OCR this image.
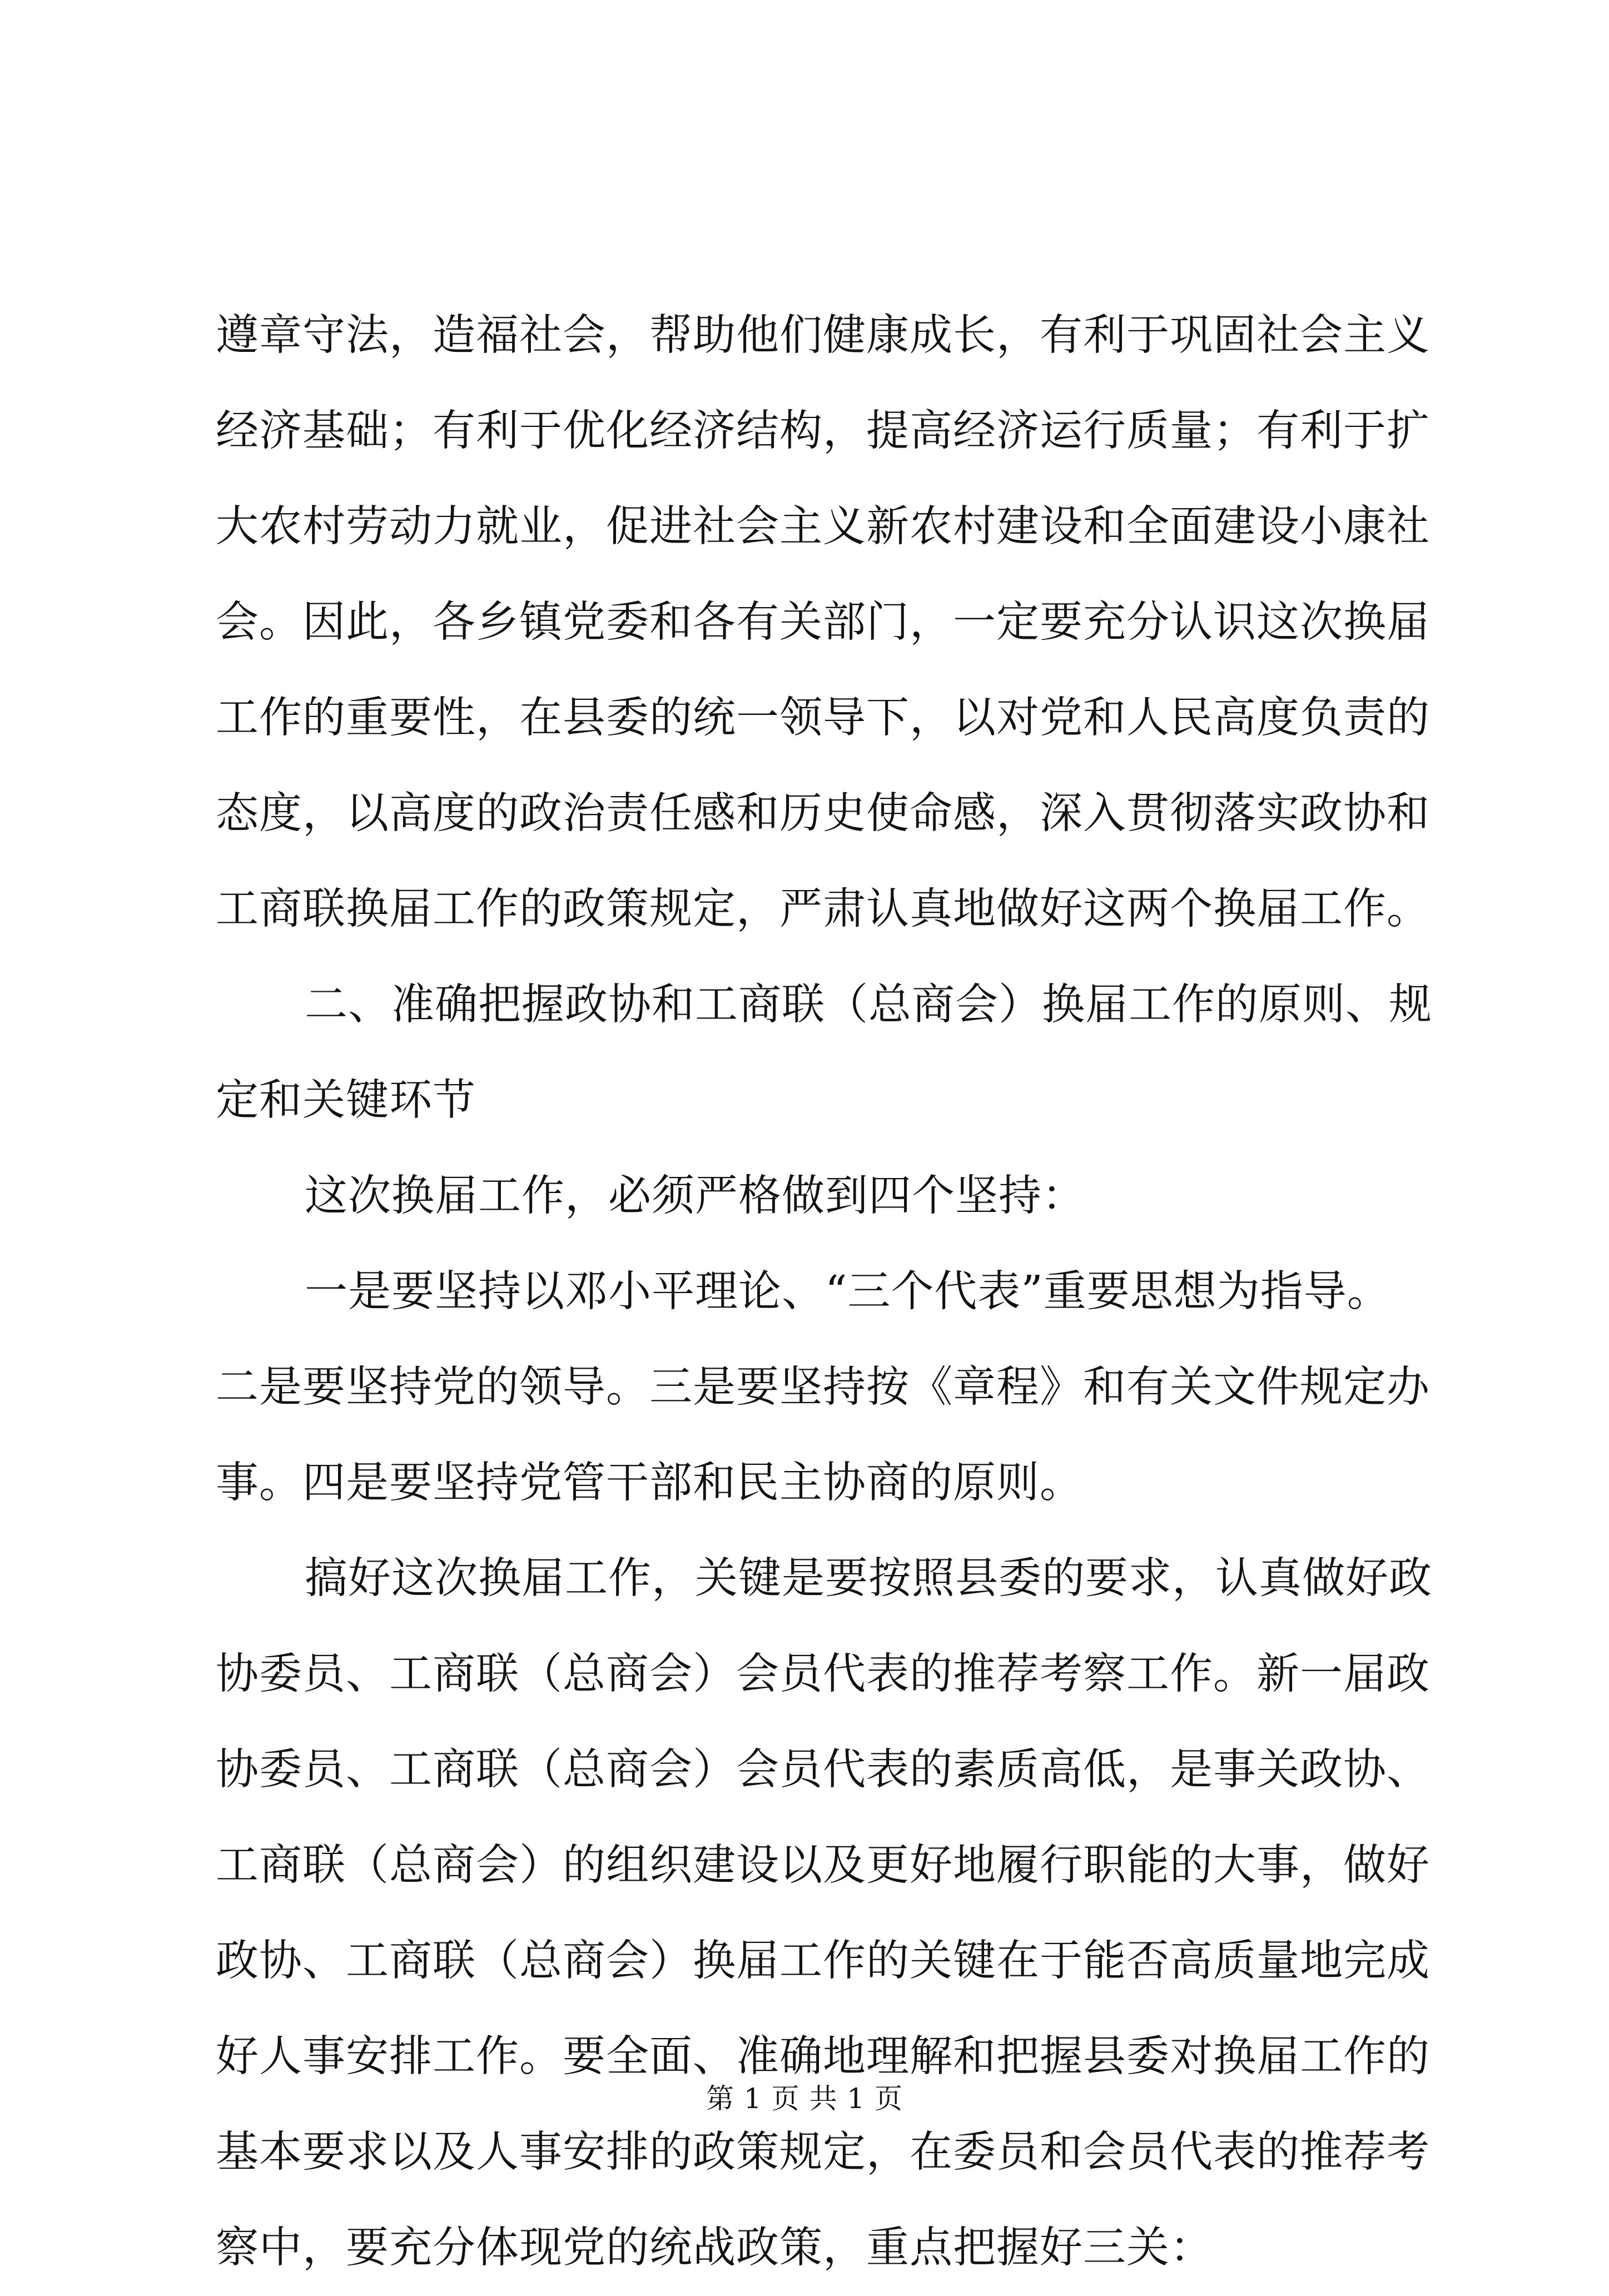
遵章守法，造福社会，帮助他们健康成长，有利于巩固社会主义
经济基础；有利于优化经济结构，提高经济运行质量；有利于扩
大农村劳动力就业，促进社会主义新农村建设和全面建设小康社
会。因此，各乡镇党委和各有关部门，一定要充分认识这次换届
工作的重要性，在县委的统一领导下，以对党和人民高度负责的
态度，以高度的政治责任感和历史使命感，深入贯彻落实政协和
工商联换届工作的政策规定，严肃认真地做好这两个换届工作。
二、准确把握政协和工商联（总商会）换届工作的原则、规
定和关键环节
这次换届工作，必须严格做到四个坚持：
一是要坚持以邓小平理论、“三个代表”重要思想为指导。
二是要坚持党的领导。三是要坚持按《章程》和有关文件规定办
事。四是要坚持党管干部和民主协商的原则。
搞好这次换届工作，关键是要按照县委的要求，认真做好政
协委员、工商联（总商会）会员代表的推荐考察工作。新一届政
协委员、工商联（总商会）会员代表的素质高低，是事关政协、
工商联（总商会）的组织建设以及更好地履行职能的大事，做好
政协、工商联（总商会）换届工作的关键在于能否高质量地完成
好人事安排工作。要全面、准确地理解和把握县委对换届工作的
基本要求以及人事安排的政策规定，在委员和会员代表的推荐考
察中，要充分体现党的统战政策，重点把握好三关：
第 1 页 共 1 页
